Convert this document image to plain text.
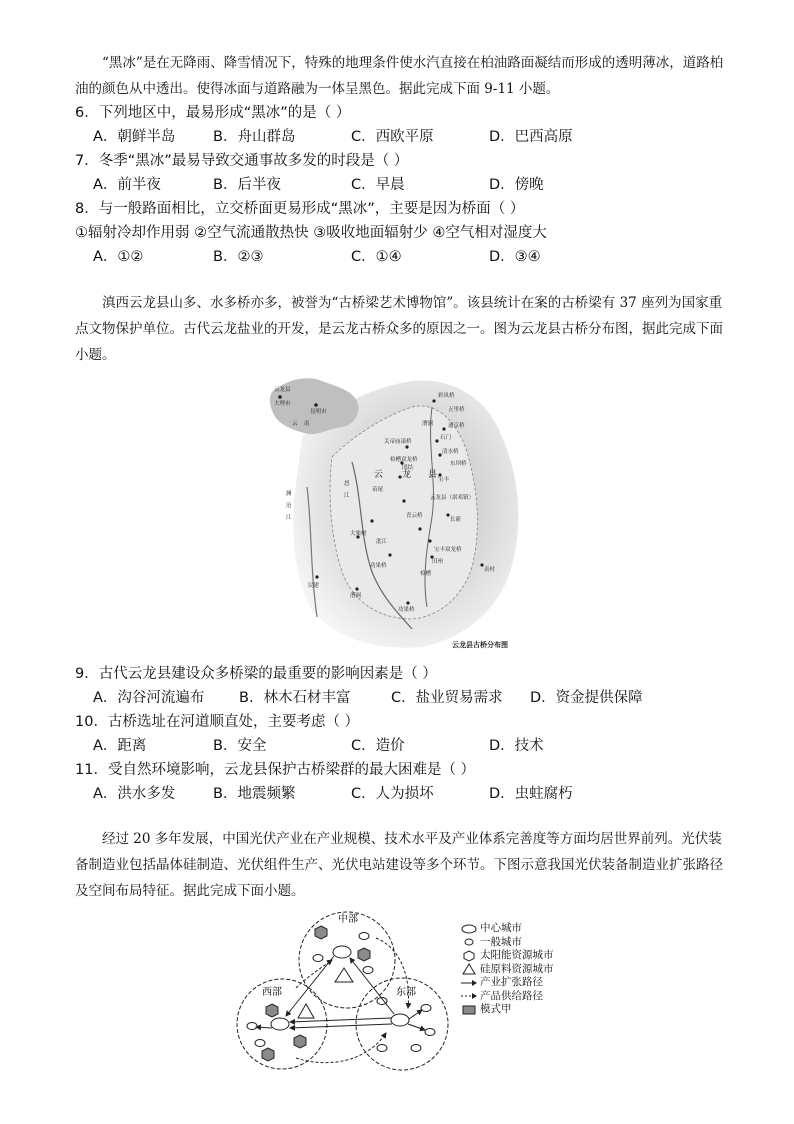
“黑冰”是在无降雨、降雪情况下，特殊的地理条件使水汽直接在柏油路面凝结而形成的透明薄冰，道路柏油的颜色从中透出。使得冰面与道路融为一体呈黑色。据此完成下面 9-11 小题。
6．下列地区中，最易形成“黑冰”的是（ ）
A．朝鲜半岛	B．舟山群岛	C．西欧平原	D．巴西高原
7．冬季“黑冰”最易导致交通事故多发的时段是（ ）
A．前半夜	B．后半夜	C．早晨	D．傍晚
8．与一般路面相比，立交桥面更易形成“黑冰”，主要是因为桥面（ ）
①辐射冷却作用弱 ②空气流通散热快 ③吸收地面辐射少 ④空气相对湿度大
A．①②	B．②③	C．①④	D．③④
滇西云龙县山多、水多桥亦多，被誉为“古桥梁艺术博物馆”。该县统计在案的古桥梁有 37 座列为国家重点文物保护单位。古代云龙盐业的开发，是云龙古桥众多的原因之一。图为云龙县古桥分布图，据此完成下面小题。
云龙县
大理市
昆明市
云 南
云 龙 县
澜
沧
江
怒
江
彩凤桥
五里桥
通京桥
石门
关帝庙漾桥
漕涧
清水桥
检槽双龙桥
团结
东坝桥
宝丰
苗尾
云龙县（诺邓镇）
长新
青云桥
大栗树
沘江
功果桥
宝丰双龙桥
表村
旧州
民建
漕涧
功果桥
检槽
云龙县古桥分布图
9．古代云龙县建设众多桥梁的最重要的影响因素是（ ）
A．沟谷河流遍布 B．林木石材丰富	C．盐业贸易需求 D．资金提供保障
10．古桥选址在河道顺直处，主要考虑（ ）
A．距离	B．安全	C．造价	D．技术
11．受自然环境影响，云龙县保护古桥梁群的最大困难是（ ）
A．洪水多发	B．地震频繁	C．人为损坏	D．虫蛀腐朽
经过 20 多年发展，中国光伏产业在产业规模、技术水平及产业体系完善度等方面均居世界前列。光伏装备制造业包括晶体硅制造、光伏组件生产、光伏电站建设等多个环节。下图示意我国光伏装备制造业扩张路径及空间布局特征。据此完成下面小题。
中部
西部	东部
中心城市
一般城市
太阳能资源城市
硅原料资源城市
产业扩张路径
产品供给路径
模式甲
